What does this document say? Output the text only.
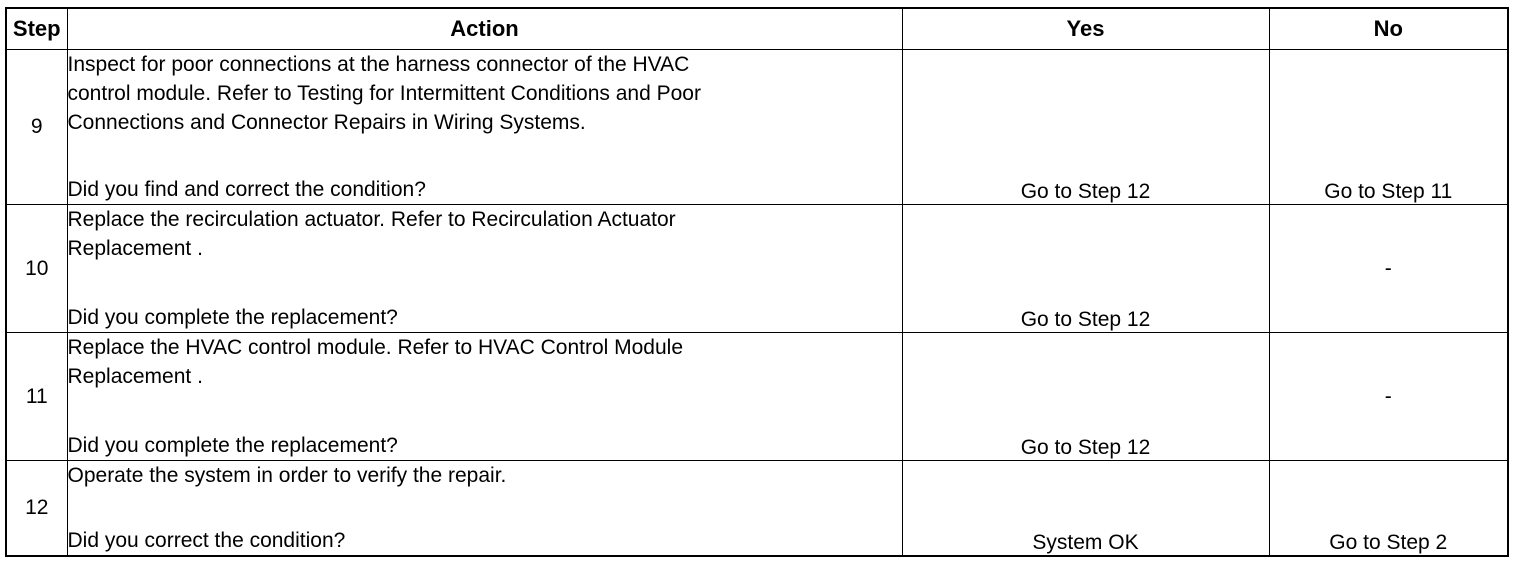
Step	Action	Yes	No
9	Inspect for poor connections at the harness connector of the HVAC
control module. Refer to Testing for Intermittent Conditions and Poor
Connections and Connector Repairs in Wiring Systems.
Did you find and correct the condition?	Go to Step 12	Go to Step 11
10	Replace the recirculation actuator. Refer to Recirculation Actuator
Replacement .
Did you complete the replacement?	Go to Step 12	-
11	Replace the HVAC control module. Refer to HVAC Control Module
Replacement .
Did you complete the replacement?	Go to Step 12	-
12	Operate the system in order to verify the repair.
Did you correct the condition?	System OK	Go to Step 2
